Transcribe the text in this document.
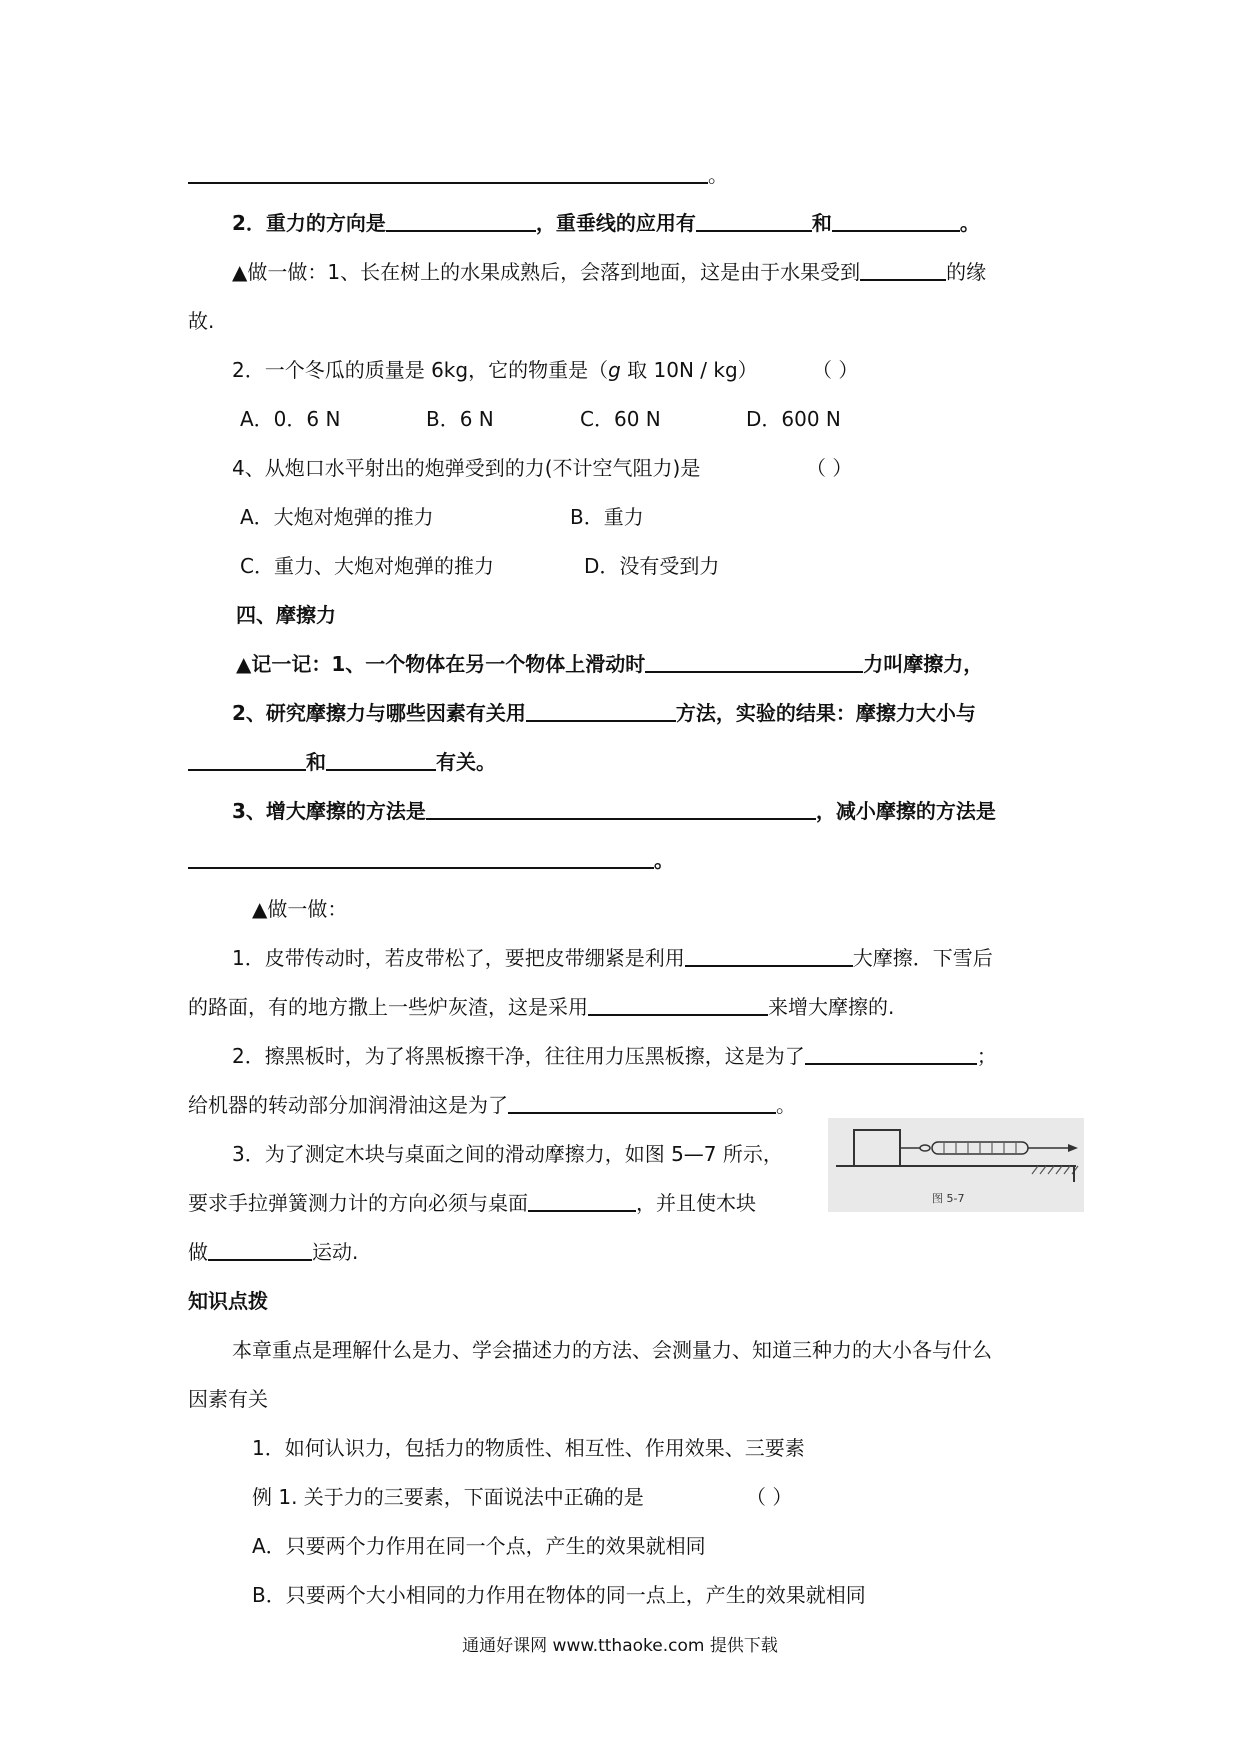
。
2．重力的方向是	，重垂线的应用有	和	。
▲做一做：1、长在树上的水果成熟后，会落到地面，这是由于水果受到	的缘
故.
2．一个冬瓜的质量是 6kg，它的物重是（g 取 10N / kg）	（ ）
A．0．6 N	B．6 N	C．60 N	D．600 N
4、从炮口水平射出的炮弹受到的力(不计空气阻力)是	（ ）
A．大炮对炮弹的推力	B．重力
C．重力、大炮对炮弹的推力	D．没有受到力
四、摩擦力
▲记一记：1、一个物体在另一个物体上滑动时	力叫摩擦力，
2、研究摩擦力与哪些因素有关用	方法，实验的结果：摩擦力大小与
和	有关。
3、增大摩擦的方法是	，减小摩擦的方法是
。
▲做一做：
1．皮带传动时，若皮带松了，要把皮带绷紧是利用	大摩擦．下雪后
的路面，有的地方撒上一些炉灰渣，这是采用	来增大摩擦的.
2．擦黑板时，为了将黑板擦干净，往往用力压黑板擦，这是为了	；
给机器的转动部分加润滑油这是为了	。
3．为了测定木块与桌面之间的滑动摩擦力，如图 5—7 所示，
要求手拉弹簧测力计的方向必须与桌面	，并且使木块
做	运动.
图 5-7
知识点拨
本章重点是理解什么是力、学会描述力的方法、会测量力、知道三种力的大小各与什么
因素有关
1．如何认识力，包括力的物质性、相互性、作用效果、三要素
例 1. 关于力的三要素，下面说法中正确的是	（ ）
A．只要两个力作用在同一个点，产生的效果就相同
B．只要两个大小相同的力作用在物体的同一点上，产生的效果就相同
通通好课网 www.tthaoke.com 提供下载
